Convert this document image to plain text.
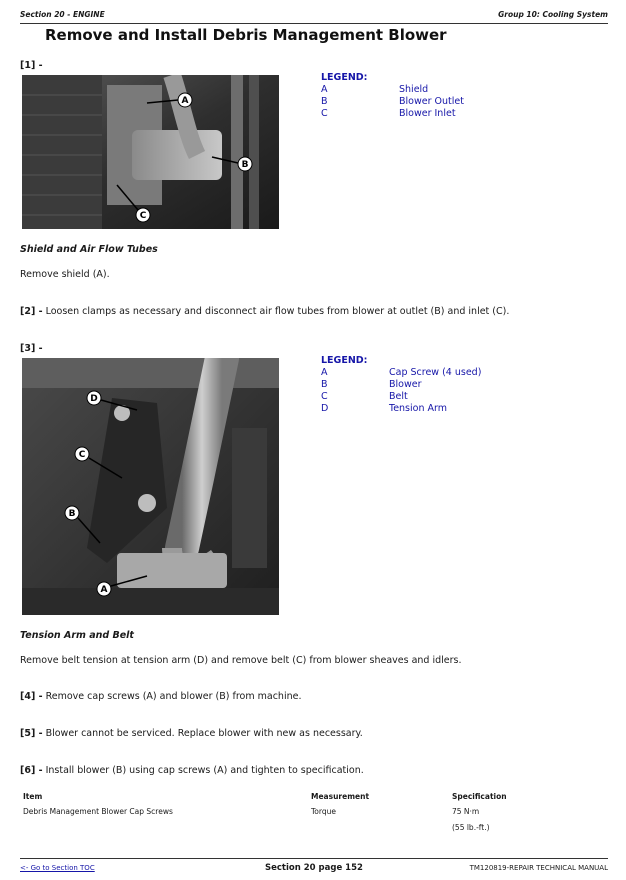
Section 20 - ENGINE	Group 10: Cooling System
Remove and Install Debris Management Blower
[1] -
A
B
C
LEGEND:
A	Shield
B	Blower Outlet
C	Blower Inlet
Shield and Air Flow Tubes
Remove shield (A).
[2] - Loosen clamps as necessary and disconnect air flow tubes from blower at outlet (B) and inlet (C).
[3] -
D
C
B
A
LEGEND:
A	Cap Screw (4 used)
B	Blower
C	Belt
D	Tension Arm
Tension Arm and Belt
Remove belt tension at tension arm (D) and remove belt (C) from blower sheaves and idlers.
[4] - Remove cap screws (A) and blower (B) from machine.
[5] - Blower cannot be serviced. Replace blower with new as necessary.
[6] - Install blower (B) using cap screws (A) and tighten to specification.
Item	Measurement	Specification
Debris Management Blower Cap Screws	Torque	75 N·m
(55 lb.-ft.)
<- Go to Section TOC	Section 20 page 152	TM120819-REPAIR TECHNICAL MANUAL
